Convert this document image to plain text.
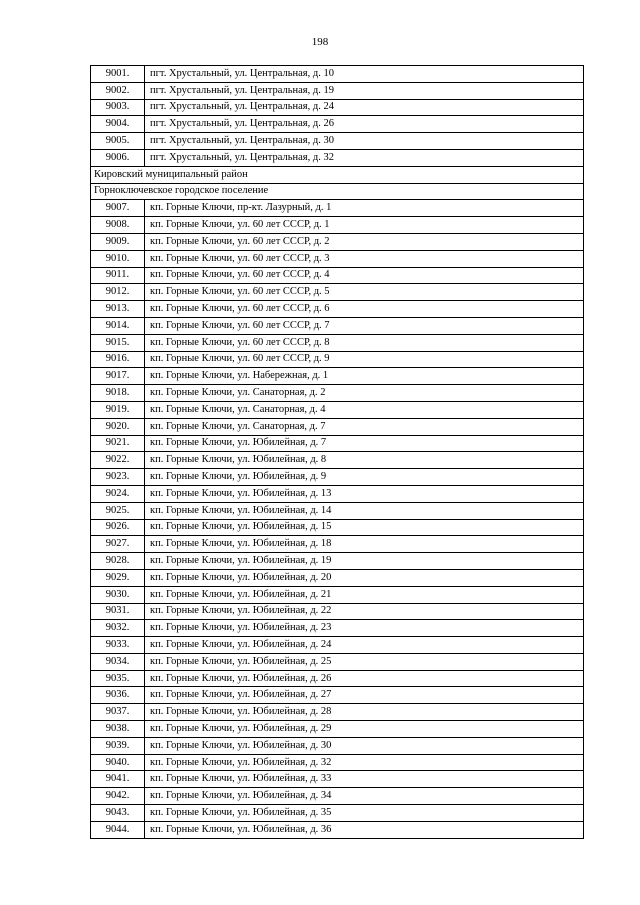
198
9001.	пгт. Хрустальный, ул. Центральная, д. 10
9002.	пгт. Хрустальный, ул. Центральная, д. 19
9003.	пгт. Хрустальный, ул. Центральная, д. 24
9004.	пгт. Хрустальный, ул. Центральная, д. 26
9005.	пгт. Хрустальный, ул. Центральная, д. 30
9006.	пгт. Хрустальный, ул. Центральная, д. 32
Кировский муниципальный район	
Горноключевское городское поселение	
9007.	кп. Горные Ключи, пр-кт. Лазурный, д. 1
9008.	кп. Горные Ключи, ул. 60 лет СССР, д. 1
9009.	кп. Горные Ключи, ул. 60 лет СССР, д. 2
9010.	кп. Горные Ключи, ул. 60 лет СССР, д. 3
9011.	кп. Горные Ключи, ул. 60 лет СССР, д. 4
9012.	кп. Горные Ключи, ул. 60 лет СССР, д. 5
9013.	кп. Горные Ключи, ул. 60 лет СССР, д. 6
9014.	кп. Горные Ключи, ул. 60 лет СССР, д. 7
9015.	кп. Горные Ключи, ул. 60 лет СССР, д. 8
9016.	кп. Горные Ключи, ул. 60 лет СССР, д. 9
9017.	кп. Горные Ключи, ул. Набережная, д. 1
9018.	кп. Горные Ключи, ул. Санаторная, д. 2
9019.	кп. Горные Ключи, ул. Санаторная, д. 4
9020.	кп. Горные Ключи, ул. Санаторная, д. 7
9021.	кп. Горные Ключи, ул. Юбилейная, д. 7
9022.	кп. Горные Ключи, ул. Юбилейная, д. 8
9023.	кп. Горные Ключи, ул. Юбилейная, д. 9
9024.	кп. Горные Ключи, ул. Юбилейная, д. 13
9025.	кп. Горные Ключи, ул. Юбилейная, д. 14
9026.	кп. Горные Ключи, ул. Юбилейная, д. 15
9027.	кп. Горные Ключи, ул. Юбилейная, д. 18
9028.	кп. Горные Ключи, ул. Юбилейная, д. 19
9029.	кп. Горные Ключи, ул. Юбилейная, д. 20
9030.	кп. Горные Ключи, ул. Юбилейная, д. 21
9031.	кп. Горные Ключи, ул. Юбилейная, д. 22
9032.	кп. Горные Ключи, ул. Юбилейная, д. 23
9033.	кп. Горные Ключи, ул. Юбилейная, д. 24
9034.	кп. Горные Ключи, ул. Юбилейная, д. 25
9035.	кп. Горные Ключи, ул. Юбилейная, д. 26
9036.	кп. Горные Ключи, ул. Юбилейная, д. 27
9037.	кп. Горные Ключи, ул. Юбилейная, д. 28
9038.	кп. Горные Ключи, ул. Юбилейная, д. 29
9039.	кп. Горные Ключи, ул. Юбилейная, д. 30
9040.	кп. Горные Ключи, ул. Юбилейная, д. 32
9041.	кп. Горные Ключи, ул. Юбилейная, д. 33
9042.	кп. Горные Ключи, ул. Юбилейная, д. 34
9043.	кп. Горные Ключи, ул. Юбилейная, д. 35
9044.	кп. Горные Ключи, ул. Юбилейная, д. 36
